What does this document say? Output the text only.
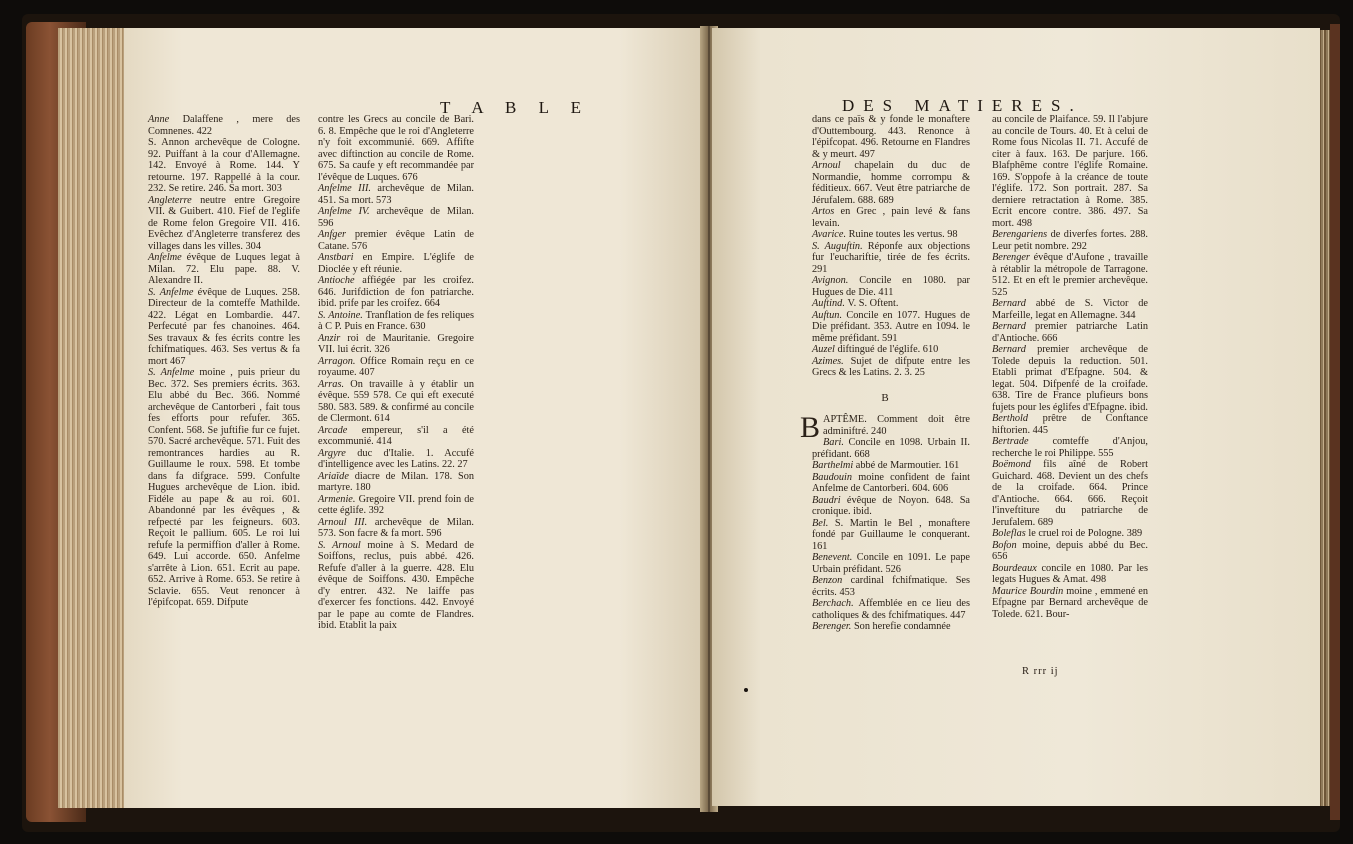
T A B L E

Anne Dalaffene , mere des Comnenes. 422

S. Annon archevêque de Cologne. 92. Puiffant à la cour d'Allemagne. 142. Envoyé à Rome. 144. Y retourne. 197. Rappellé à la cour. 232. Se retire. 246. Sa mort. 303

Angleterre neutre entre Gregoire VII. & Guibert. 410. Fief de l'eglife de Rome felon Gregoire VII. 416. Evêchez d'Angleterre transferez des villages dans les villes. 304

Anfelme évêque de Luques legat à Milan. 72. Elu pape. 88. V. Alexandre II.

S. Anfelme évêque de Luques. 258. Directeur de la comteffe Mathilde. 422. Légat en Lombardie. 447. Perfecuté par fes chanoines. 464. Ses travaux & fes écrits contre les fchifmatiques. 463. Ses vertus & fa mort 467

S. Anfelme moine , puis prieur du Bec. 372. Ses premiers écrits. 363. Elu abbé du Bec. 366. Nommé archevêque de Cantorberi , fait tous fes efforts pour refufer. 365. Confent. 568. Se juftifie fur ce fujet. 570. Sacré archevêque. 571. Fuit des remontrances hardies au R. Guillaume le roux. 598. Et tombe dans fa difgrace. 599. Confulte Hugues archevêque de Lion. ibid. Fidéle au pape & au roi. 601. Abandonné par les évêques , & refpecté par les feigneurs. 603. Reçoit le pallium. 605. Le roi lui refufe la permiffion d'aller à Rome. 649. Lui accorde. 650. Anfelme s'arrête à Lion. 651. Ecrit au pape. 652. Arrive à Rome. 653. Se retire à Sclavie. 655. Veut renoncer à l'épifcopat. 659. Difpute

contre les Grecs au concile de Bari. 6. 8. Empêche que le roi d'Angleterre n'y foit excommunié. 669. Affifte avec diftinction au concile de Rome. 675. Sa caufe y eft recommandée par l'évêque de Luques. 676

Anfelme III. archevêque de Milan. 451. Sa mort. 573

Anfelme IV. archevêque de Milan. 596

Anfger premier évêque Latin de Catane. 576

Anstbari en Empire. L'églife de Dioclée y eft réunie.

Antioche affiégée par les croifez. 646. Jurifdiction de fon patriarche. ibid. prife par les croifez. 664

S. Antoine. Tranflation de fes reliques à C P. Puis en France. 630

Anzir roi de Mauritanie. Gregoire VII. lui écrit. 326

Arragon. Office Romain reçu en ce royaume. 407

Arras. On travaille à y établir un évêque. 559 578. Ce qui eft executé 580. 583. 589. & confirmé au concile de Clermont. 614

Arcade empereur, s'il a été excommunié. 414

Argyre duc d'Italie. 1. Accufé d'intelligence avec les Latins. 22. 27

Ariaïde diacre de Milan. 178. Son martyre. 180

Armenie. Gregoire VII. prend foin de cette églife. 392

Arnoul III. archevêque de Milan. 573. Son facre & fa mort. 596

S. Arnoul moine à S. Medard de Soiffons, reclus, puis abbé. 426. Refufe d'aller à la guerre. 428. Elu évêque de Soiffons. 430. Empêche d'y entrer. 432. Ne laiffe pas d'exercer fes fonctions. 442. Envoyé par le pape au comte de Flandres. ibid. Etablit la paix

DES MATIERES.

dans ce païs & y fonde le monaftere d'Outtembourg. 443. Renonce à l'épifcopat. 496. Retourne en Flandres & y meurt. 497

Arnoul chapelain du duc de Normandie, homme corrompu & féditieux. 667. Veut être patriarche de Jérufalem. 688. 689

Artos en Grec , pain levé & fans levain.

Avarice. Ruine toutes les vertus. 98

S. Auguftin. Réponfe aux objections fur l'euchariftie, tirée de fes écrits. 291

Avignon. Concile en 1080. par Hugues de Die. 411

Auftind. V. S. Oftent.

Auftun. Concile en 1077. Hugues de Die préfidant. 353. Autre en 1094. le même préfidant. 591

Auzel diftingué de l'églife. 610

Azimes. Sujet de difpute entre les Grecs & les Latins. 2. 3. 25

B

BAPTÊME. Comment doit être adminiftré. 240

Bari. Concile en 1098. Urbain II. préfidant. 668

Barthelmi abbé de Marmoutier. 161

Baudouin moine confident de faint Anfelme de Cantorberi. 604. 606

Baudri évêque de Noyon. 648. Sa cronique. ibid.

Bel. S. Martin le Bel , monaftere fondé par Guillaume le conquerant. 161

Benevent. Concile en 1091. Le pape Urbain préfidant. 526

Benzon cardinal fchifmatique. Ses écrits. 453

Berchach. Affemblée en ce lieu des catholiques & des fchifmatiques. 447

Berenger. Son herefie condamnée

au concile de Plaifance. 59. Il l'abjure au concile de Tours. 40. Et à celui de Rome fous Nicolas II. 71. Accufé de citer à faux. 163. De parjure. 166. Blafphême contre l'églife Romaine. 169. S'oppofe à la créance de toute l'églife. 172. Son portrait. 287. Sa derniere retractation à Rome. 385. Ecrit encore contre. 386. 497. Sa mort. 498

Berengariens de diverfes fortes. 288. Leur petit nombre. 292

Berenger évêque d'Aufone , travaille à rétablir la métropole de Tarragone. 512. Et en eft le premier archevêque. 525

Bernard abbé de S. Victor de Marfeille, legat en Allemagne. 344

Bernard premier patriarche Latin d'Antioche. 666

Bernard premier archevêque de Tolede depuis la reduction. 501. Etabli primat d'Efpagne. 504. & legat. 504. Difpenfé de la croifade. 638. Tire de France plufieurs bons fujets pour les églifes d'Efpagne. ibid.

Berthold prêtre de Conftance hiftorien. 445

Bertrade comteffe d'Anjou, recherche le roi Philippe. 555

Boëmond fils aîné de Robert Guichard. 468. Devient un des chefs de la croifade. 664. Prince d'Antioche. 664. 666. Reçoit l'inveftiture du patriarche de Jerufalem. 689

Boleflas le cruel roi de Pologne. 389

Bofon moine, depuis abbé du Bec. 656

Bourdeaux concile en 1080. Par les legats Hugues & Amat. 498

Maurice Bourdin moine , emmené en Efpagne par Bernard archevêque de Tolede. 621. Bour-

R rrr ij
